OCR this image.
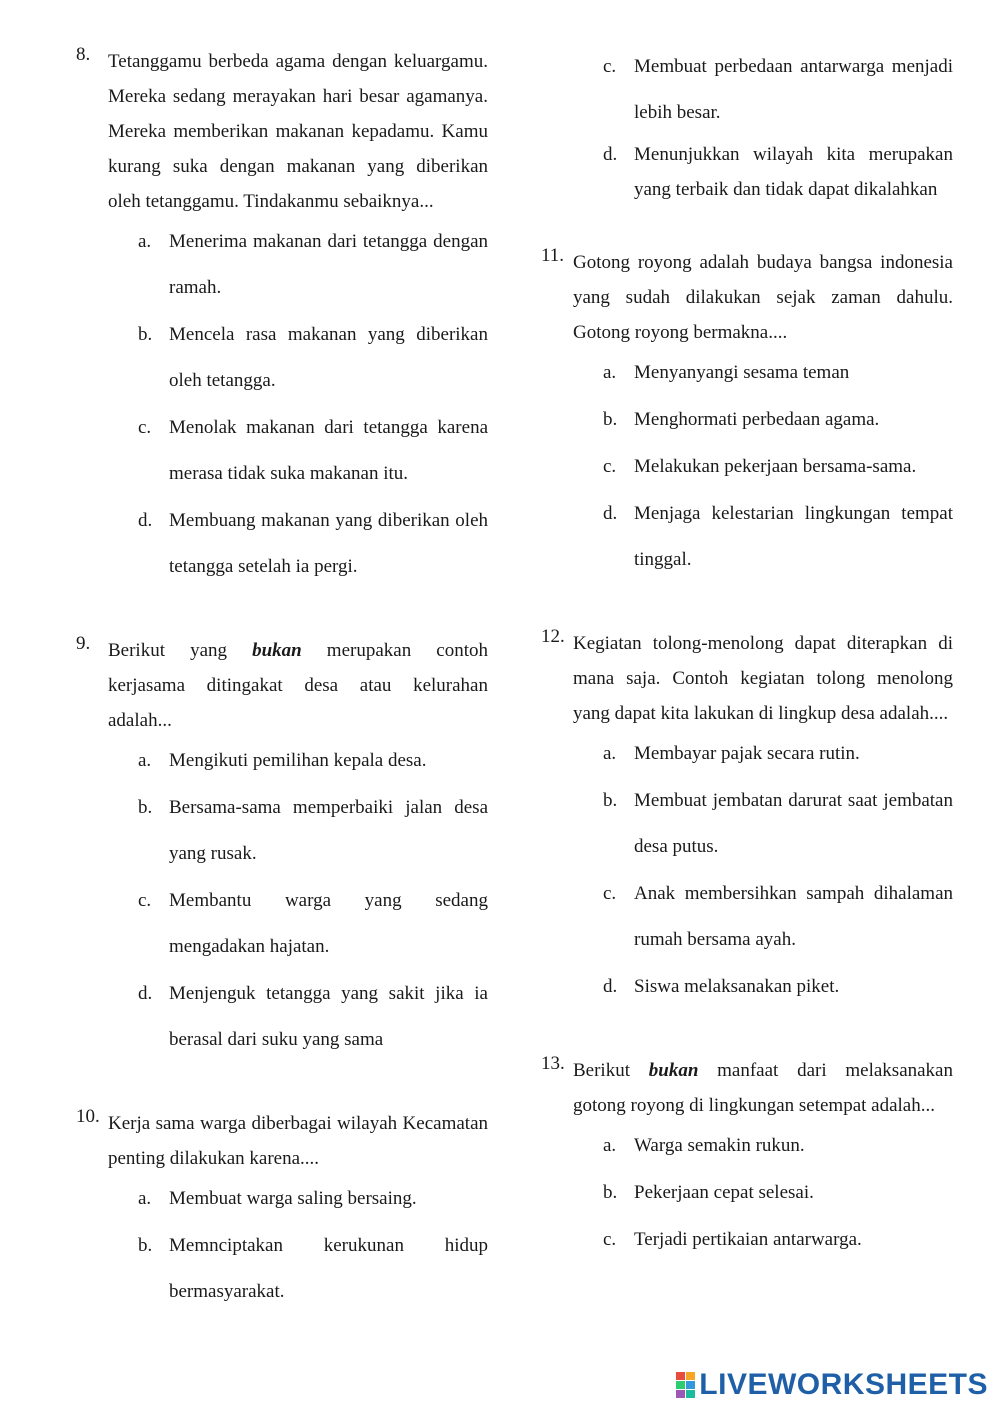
8. Tetanggamu berbeda agama dengan keluargamu. Mereka sedang merayakan hari besar agamanya. Mereka memberikan makanan kepadamu. Kamu kurang suka dengan makanan yang diberikan oleh tetanggamu. Tindakanmu sebaiknya...
a. Menerima makanan dari tetangga dengan ramah.
b. Mencela rasa makanan yang diberikan oleh tetangga.
c. Menolak makanan dari tetangga karena merasa tidak suka makanan itu.
d. Membuang makanan yang diberikan oleh tetangga setelah ia pergi.
9. Berikut yang bukan merupakan contoh kerjasama ditingakat desa atau kelurahan adalah...
a. Mengikuti pemilihan kepala desa.
b. Bersama-sama memperbaiki jalan desa yang rusak.
c. Membantu warga yang sedang mengadakan hajatan.
d. Menjenguk tetangga yang sakit jika ia berasal dari suku yang sama
10. Kerja sama warga diberbagai wilayah Kecamatan penting dilakukan karena....
a. Membuat warga saling bersaing.
b. Memnciptakan kerukunan hidup bermasyarakat.
c. Membuat perbedaan antarwarga menjadi lebih besar.
d. Menunjukkan wilayah kita merupakan yang terbaik dan tidak dapat dikalahkan
11. Gotong royong adalah budaya bangsa indonesia yang sudah dilakukan sejak zaman dahulu. Gotong royong bermakna....
a. Menyanyangi sesama teman
b. Menghormati perbedaan agama.
c. Melakukan pekerjaan bersama-sama.
d. Menjaga kelestarian lingkungan tempat tinggal.
12. Kegiatan tolong-menolong dapat diterapkan di mana saja. Contoh kegiatan tolong menolong yang dapat kita lakukan di lingkup desa adalah....
a. Membayar pajak secara rutin.
b. Membuat jembatan darurat saat jembatan desa putus.
c. Anak membersihkan sampah dihalaman rumah bersama ayah.
d. Siswa melaksanakan piket.
13. Berikut bukan manfaat dari melaksanakan gotong royong di lingkungan setempat adalah...
a. Warga semakin rukun.
b. Pekerjaan cepat selesai.
c. Terjadi pertikaian antarwarga.
LIVEWORKSHEETS
